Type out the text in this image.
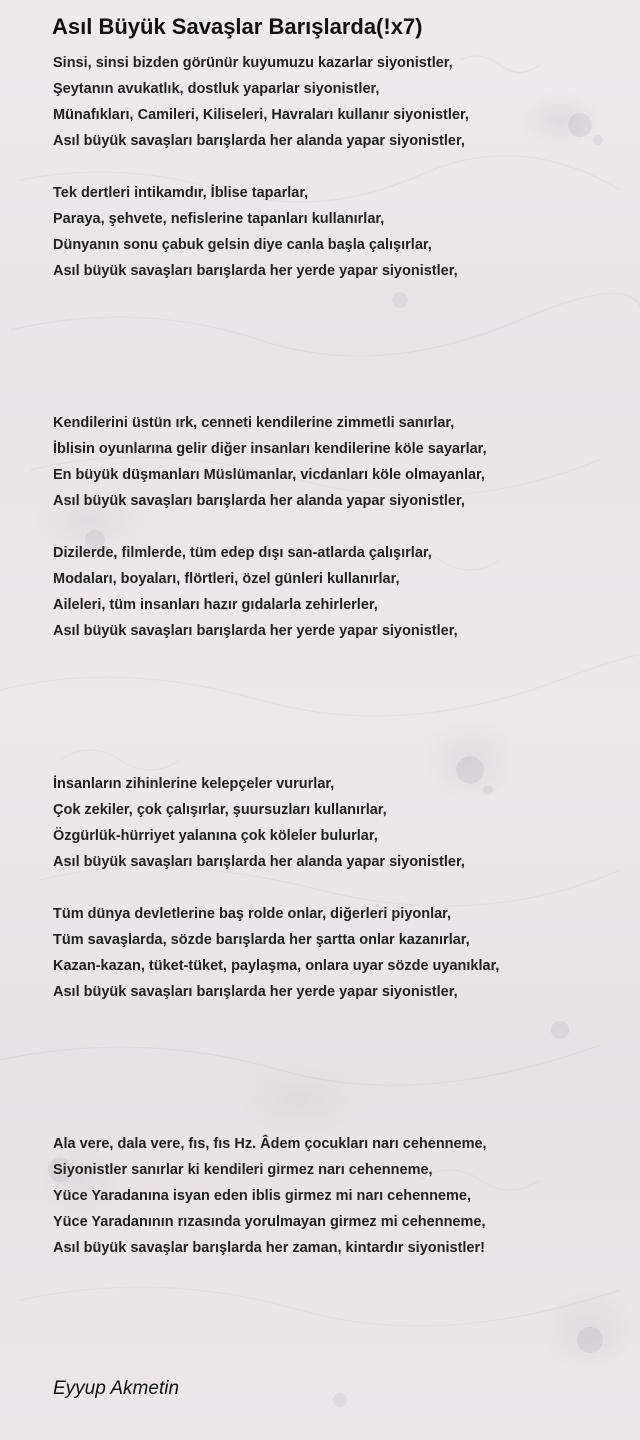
Asıl Büyük Savaşlar Barışlarda(!x7)
Sinsi, sinsi bizden görünür kuyumuzu kazarlar siyonistler,
Şeytanın avukatlık, dostluk yaparlar siyonistler,
Münafıkları, Camileri, Kiliseleri, Havraları kullanır siyonistler,
Asıl büyük savaşları barışlarda her alanda yapar siyonistler,
Tek dertleri intikamdır, İblise taparlar,
Paraya, şehvete, nefislerine tapanları kullanırlar,
Dünyanın sonu çabuk gelsin diye canla başla çalışırlar,
Asıl büyük savaşları barışlarda her yerde yapar siyonistler,
Kendilerini üstün ırk, cenneti kendilerine zimmetli sanırlar,
İblisin oyunlarına gelir diğer insanları kendilerine köle sayarlar,
En büyük düşmanları Müslümanlar, vicdanları köle olmayanlar,
Asıl büyük savaşları barışlarda her alanda yapar siyonistler,
Dizilerde, filmlerde, tüm edep dışı san-atlarda çalışırlar,
Modaları, boyaları, flörtleri, özel günleri kullanırlar,
Aileleri, tüm insanları hazır gıdalarla zehirlerler,
Asıl büyük savaşları barışlarda her yerde yapar siyonistler,
İnsanların zihinlerine kelepçeler vururlar,
Çok zekiler, çok çalışırlar, şuursuzları kullanırlar,
Özgürlük-hürriyet yalanına çok köleler bulurlar,
Asıl büyük savaşları barışlarda her alanda yapar siyonistler,
Tüm dünya devletlerine baş rolde onlar, diğerleri piyonlar,
Tüm savaşlarda, sözde barışlarda her şartta onlar kazanırlar,
Kazan-kazan, tüket-tüket, paylaşma, onlara uyar sözde uyanıklar,
Asıl büyük savaşları barışlarda her yerde yapar siyonistler,
Ala vere, dala vere, fıs, fıs Hz. Âdem çocukları narı cehenneme,
Siyonistler sanırlar ki kendileri girmez narı cehenneme,
Yüce Yaradanına isyan eden iblis girmez mi narı cehenneme,
Yüce Yaradanının rızasında yorulmayan girmez mi cehenneme,
Asıl büyük savaşlar barışlarda her zaman, kintardır siyonistler!
Eyyup Akmetin
